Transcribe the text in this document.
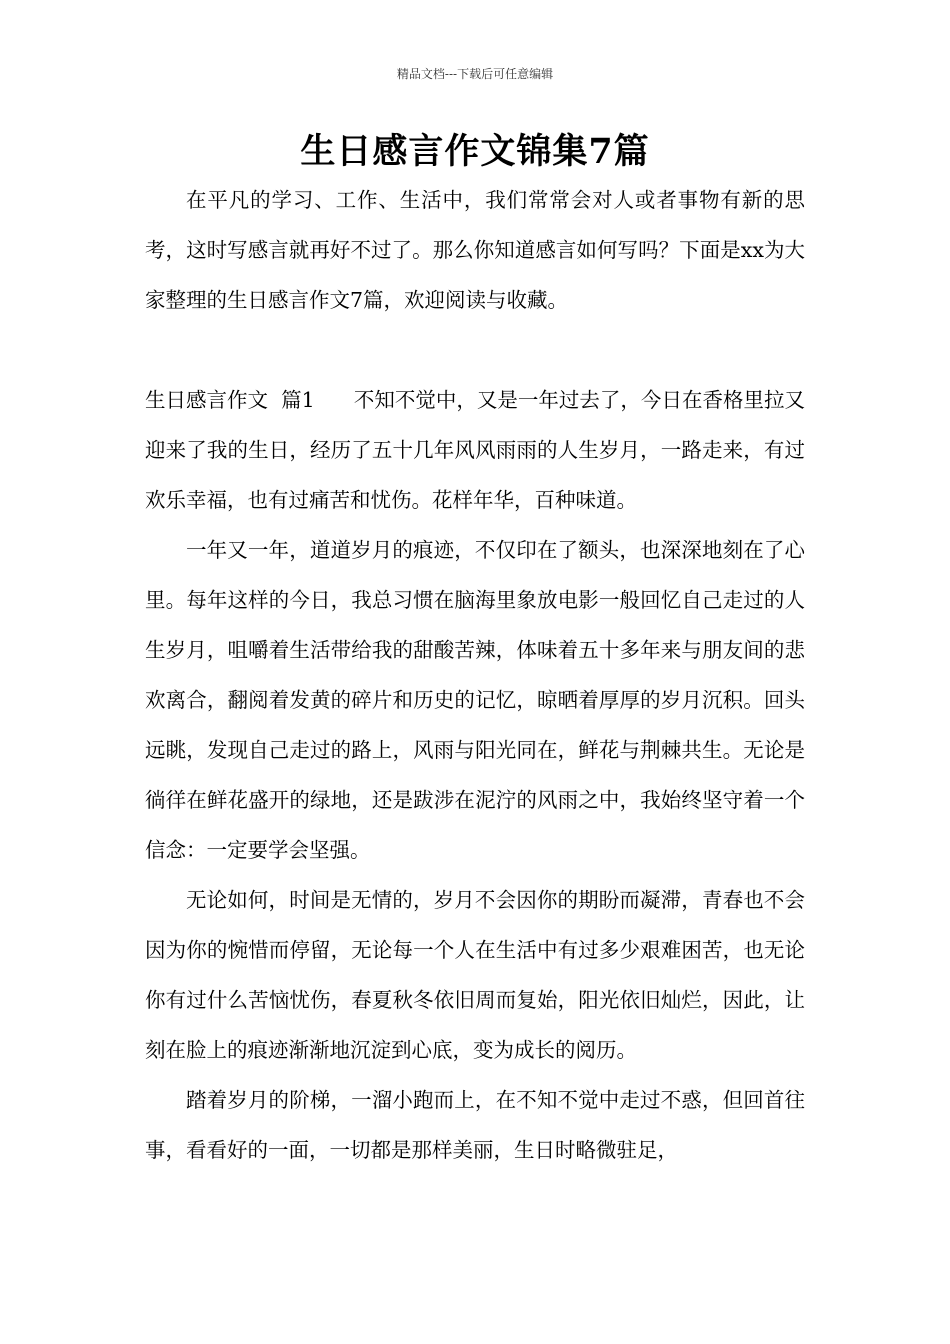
精品文档---下载后可任意编辑
生日感言作文锦集7篇

在平凡的学习、工作、生活中，我们常常会对人或者事物有新的思考，这时写感言就再好不过了。那么你知道感言如何写吗？下面是xx为大家整理的生日感言作文7篇，欢迎阅读与收藏。

生日感言作文  篇1 不知不觉中，又是一年过去了，今日在香格里拉又迎来了我的生日，经历了五十几年风风雨雨的人生岁月，一路走来，有过欢乐幸福，也有过痛苦和忧伤。花样年华，百种味道。

一年又一年，道道岁月的痕迹，不仅印在了额头，也深深地刻在了心里。每年这样的今日，我总习惯在脑海里象放电影一般回忆自己走过的人生岁月，咀嚼着生活带给我的甜酸苦辣，体味着五十多年来与朋友间的悲欢离合，翻阅着发黄的碎片和历史的记忆，晾晒着厚厚的岁月沉积。回头远眺，发现自己走过的路上，风雨与阳光同在，鲜花与荆棘共生。无论是徜徉在鲜花盛开的绿地，还是跋涉在泥泞的风雨之中，我始终坚守着一个信念：一定要学会坚强。

无论如何，时间是无情的，岁月不会因你的期盼而凝滞，青春也不会因为你的惋惜而停留，无论每一个人在生活中有过多少艰难困苦，也无论你有过什么苦恼忧伤，春夏秋冬依旧周而复始，阳光依旧灿烂，因此，让刻在脸上的痕迹渐渐地沉淀到心底，变为成长的阅历。

踏着岁月的阶梯，一溜小跑而上，在不知不觉中走过不惑，但回首往事，看看好的一面，一切都是那样美丽，生日时略微驻足，
